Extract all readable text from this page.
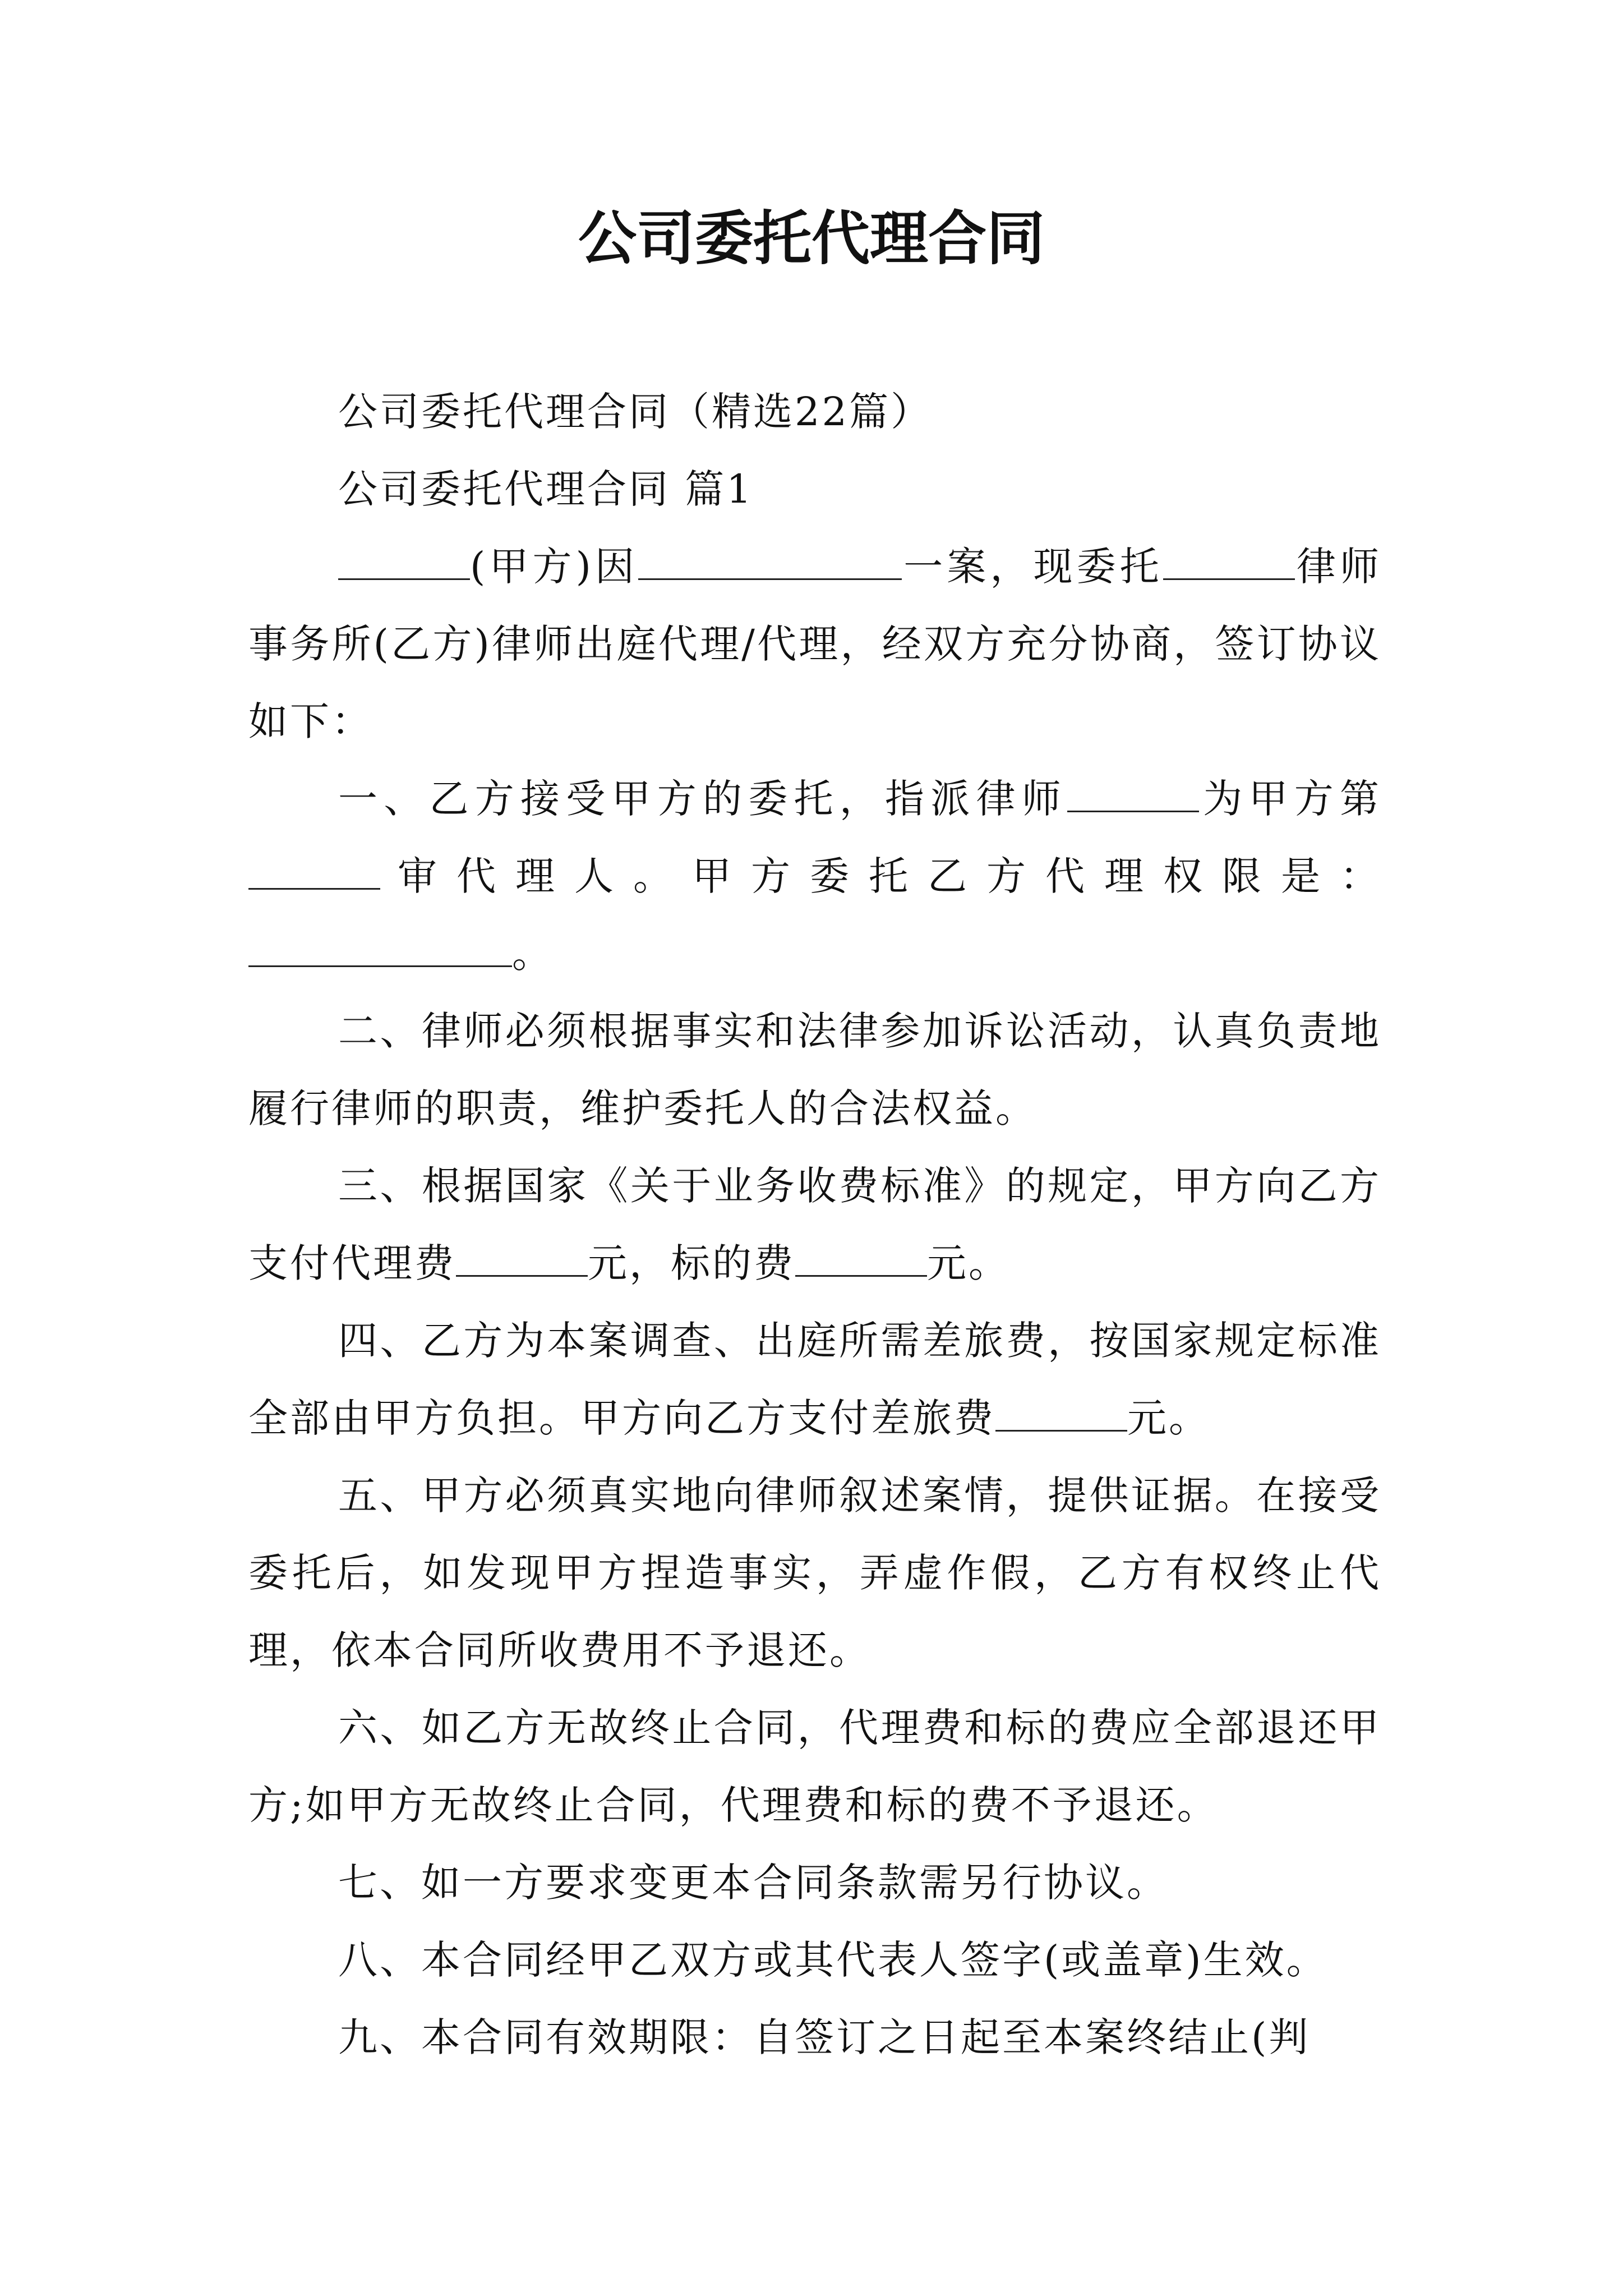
公司委托代理合同

公司委托代理合同（精选22篇）

公司委托代理合同 篇1

(甲方)因	一案，现委托	律师事务所(乙方)律师出庭代理/代理，经双方充分协商，签订协议如下：

一、乙方接受甲方的委托，指派律师	为甲方第审代理人。甲方委托乙方代理权限是：

。

二、律师必须根据事实和法律参加诉讼活动，认真负责地履行律师的职责，维护委托人的合法权益。

三、根据国家《关于业务收费标准》的规定，甲方向乙方支付代理费	元，标的费	元。

四、乙方为本案调查、出庭所需差旅费，按国家规定标准全部由甲方负担。甲方向乙方支付差旅费	元。

五、甲方必须真实地向律师叙述案情，提供证据。在接受委托后，如发现甲方捏造事实，弄虚作假，乙方有权终止代理，依本合同所收费用不予退还。

六、如乙方无故终止合同，代理费和标的费应全部退还甲方;如甲方无故终止合同，代理费和标的费不予退还。

七、如一方要求变更本合同条款需另行协议。

八、本合同经甲乙双方或其代表人签字(或盖章)生效。

九、本合同有效期限：自签订之日起至本案终结止(判
